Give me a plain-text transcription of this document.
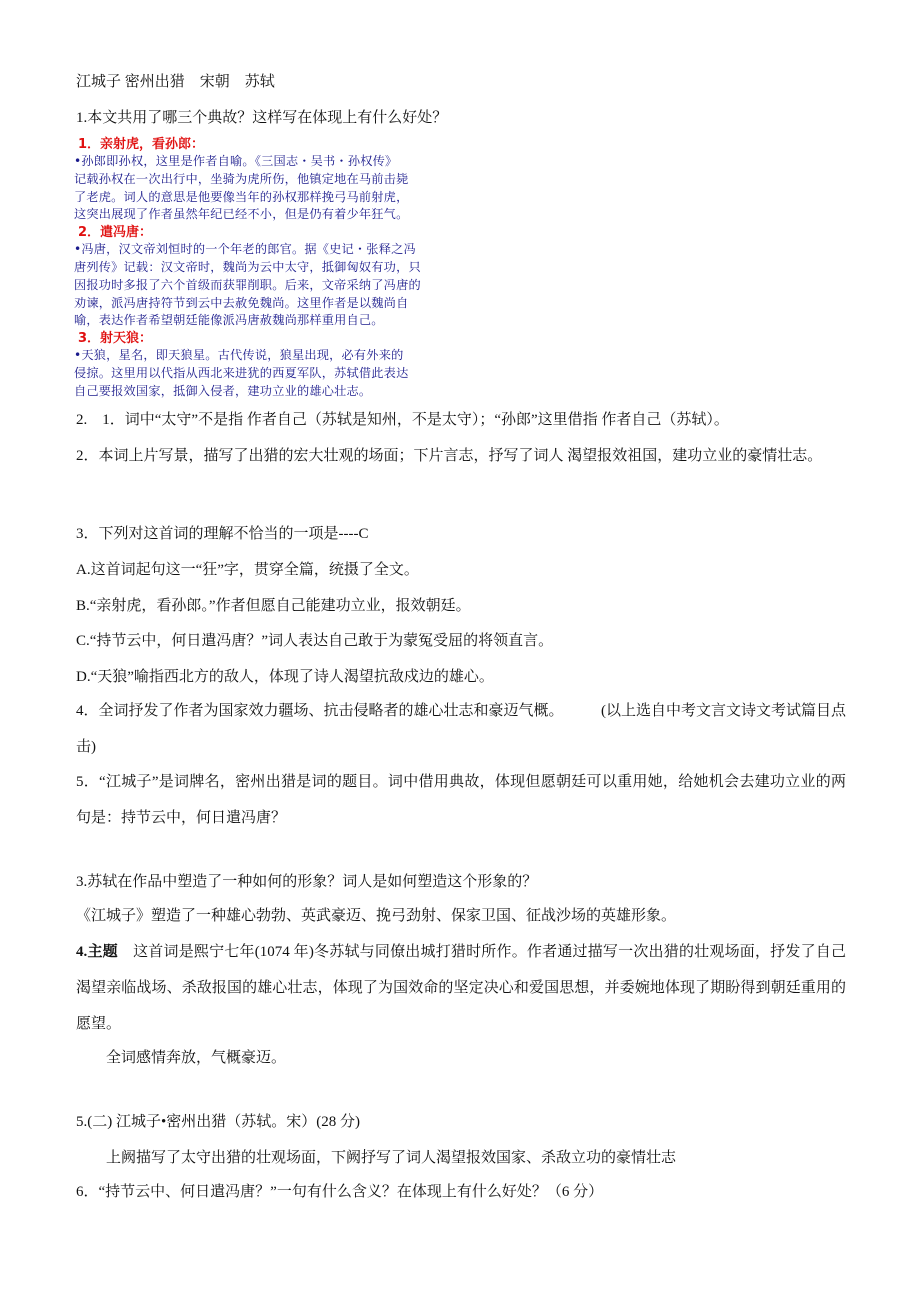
江城子 密州出猎　宋朝　苏轼
1.本文共用了哪三个典故？这样写在体现上有什么好处？

1．亲射虎，看孙郎：

•孙郎即孙权，这里是作者自喻。《三国志・吴书・孙权传》

记载孙权在一次出行中，坐骑为虎所伤，他镇定地在马前击毙

了老虎。词人的意思是他要像当年的孙权那样挽弓马前射虎，

这突出展现了作者虽然年纪已经不小，但是仍有着少年狂气。

2．遣冯唐：

•冯唐，汉文帝刘恒时的一个年老的郎官。据《史记・张释之冯

唐列传》记载：汉文帝时，魏尚为云中太守，抵御匈奴有功，只

因报功时多报了六个首级而获罪削职。后来，文帝采纳了冯唐的

劝谏，派冯唐持符节到云中去赦免魏尚。这里作者是以魏尚自

喻，表达作者希望朝廷能像派冯唐赦魏尚那样重用自己。

3．射天狼：

•天狼，星名，即天狼星。古代传说，狼星出现，必有外来的

侵掠。这里用以代指从西北来进犹的西夏军队，苏轼借此表达

自己要报效国家，抵御入侵者，建功立业的雄心壮志。

2.　1．词中“太守”不是指 作者自己（苏轼是知州，不是太守）；“孙郎”这里借指 作者自己（苏轼）。
2．本词上片写景，描写了出猎的宏大壮观的场面；下片言志，抒写了词人 渴望报效祖国，建功立业的豪情壮志。
3．下列对这首词的理解不恰当的一项是----C
A.这首词起句这一“狂”字，贯穿全篇，统摄了全文。
B.“亲射虎，看孙郎。”作者但愿自己能建功立业，报效朝廷。
C.“持节云中，何日遣冯唐？”词人表达自己敢于为蒙冤受屈的将领直言。
D.“天狼”喻指西北方的敌人，体现了诗人渴望抗敌戍边的雄心。
4．全词抒发了作者为国家效力疆场、抗击侵略者的雄心壮志和豪迈气概。　　　(以上选自中考文言文诗文考试篇目点击)
5．“江城子”是词牌名，密州出猎是词的题目。词中借用典故，体现但愿朝廷可以重用她，给她机会去建功立业的两句是：持节云中，何日遣冯唐？
3.苏轼在作品中塑造了一种如何的形象？词人是如何塑造这个形象的？
《江城子》塑造了一种雄心勃勃、英武豪迈、挽弓劲射、保家卫国、征战沙场的英雄形象。
4.主题　这首词是熙宁七年(1074 年)冬苏轼与同僚出城打猎时所作。作者通过描写一次出猎的壮观场面，抒发了自己渴望亲临战场、杀敌报国的雄心壮志，体现了为国效命的坚定决心和爱国思想，并委婉地体现了期盼得到朝廷重用的愿望。
全词感情奔放，气概豪迈。
5.(二) 江城子•密州出猎（苏轼。宋）(28 分)
上阙描写了太守出猎的壮观场面，下阙抒写了词人渴望报效国家、杀敌立功的豪情壮志
6．“持节云中、何日遣冯唐？”一句有什么含义？在体现上有什么好处？（6 分）
